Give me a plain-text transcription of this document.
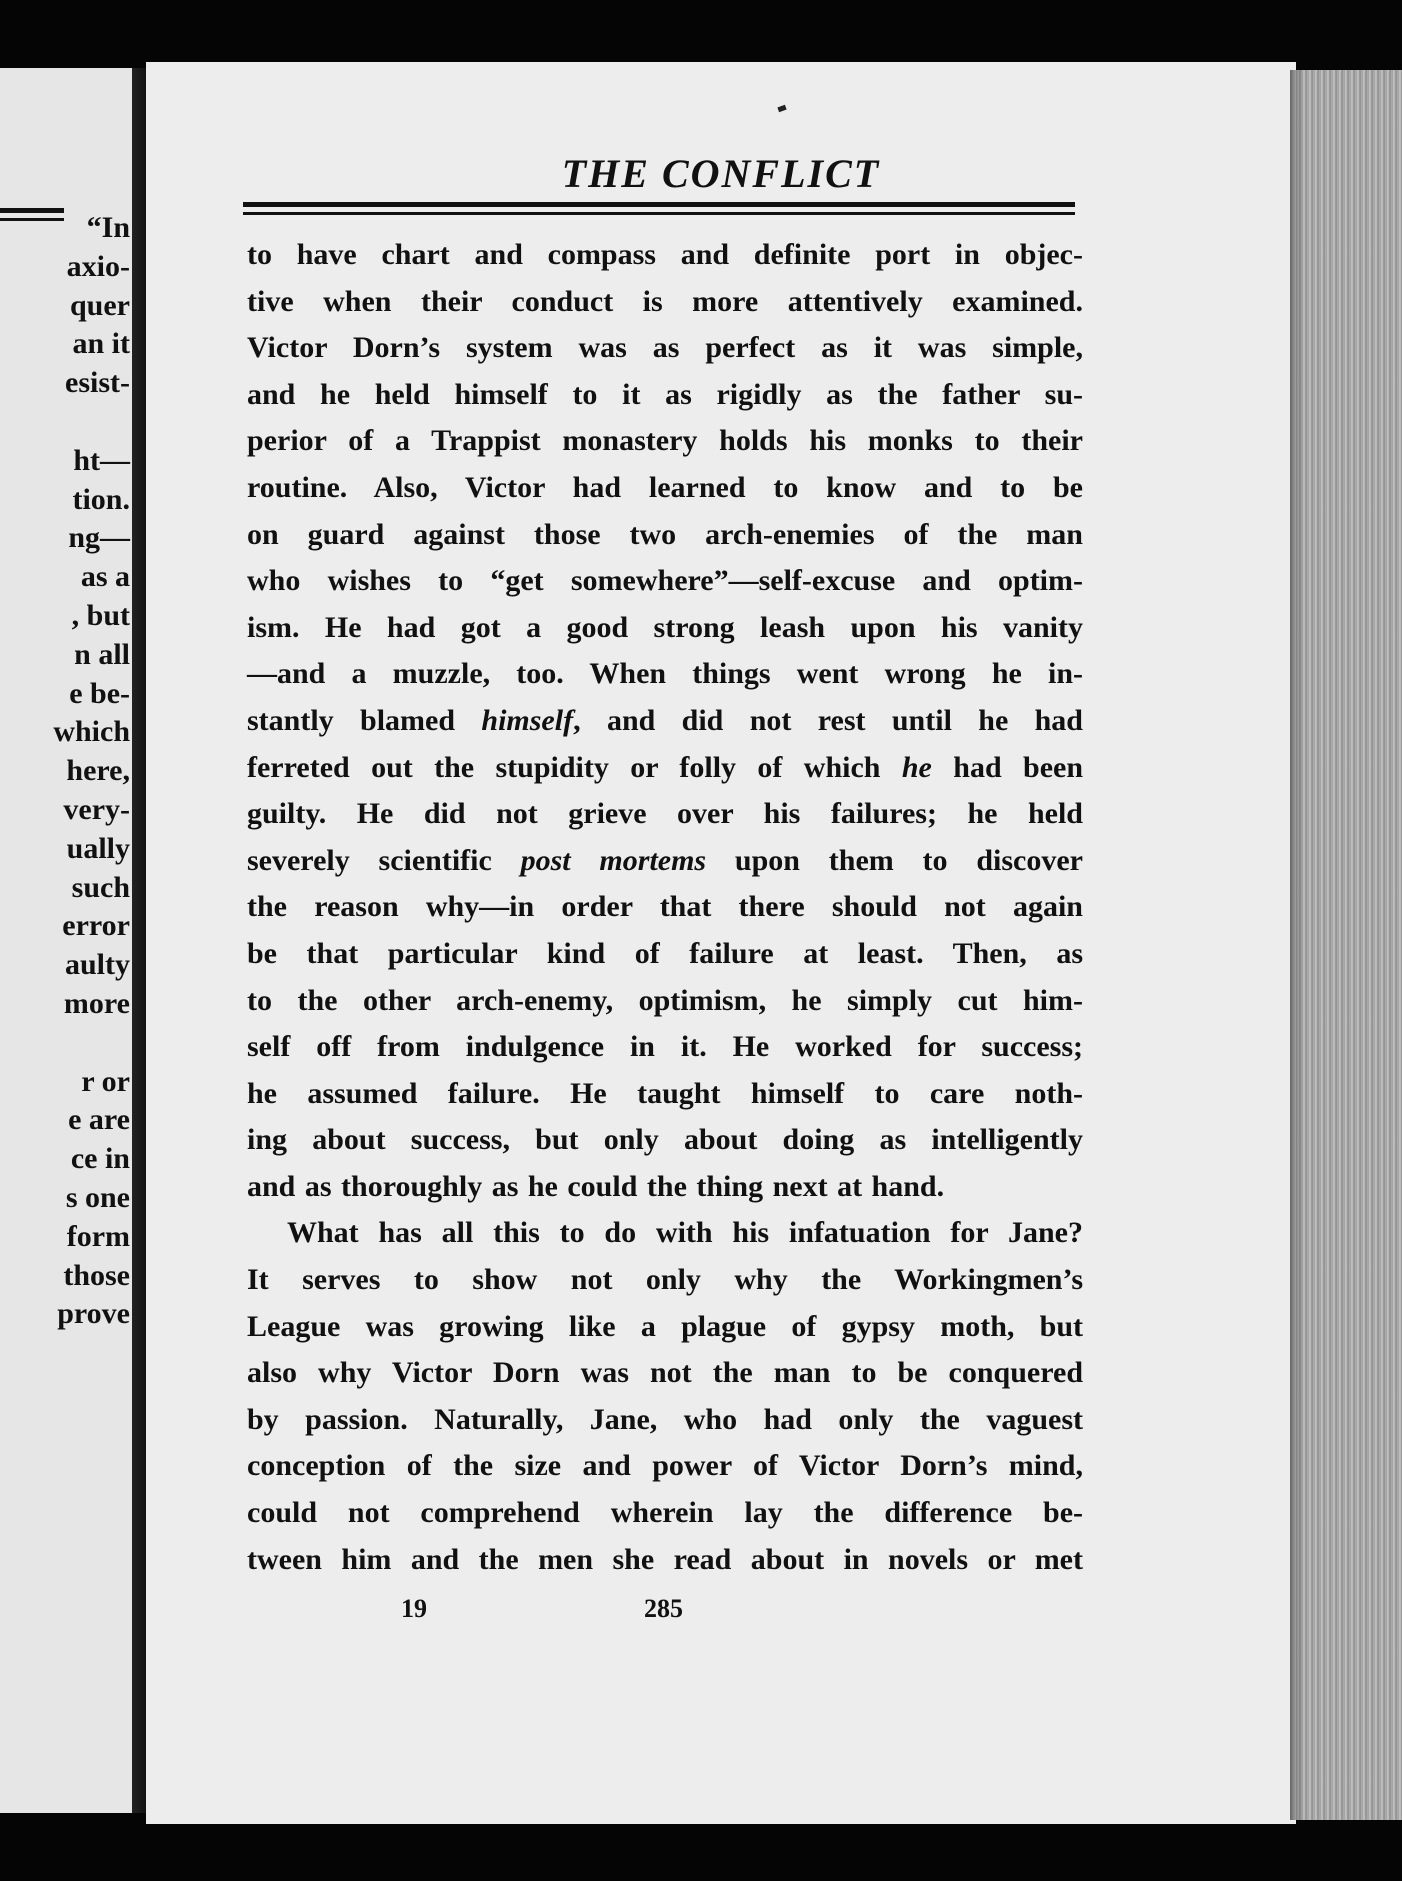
“In
axio-
quer
an it
esist-
ht—
tion.
ng—
as a
, but
n all
e be-
which
here,
very-
ually
such
error
aulty
more
r or
e are
ce in
s one
form
those
prove
THE CONFLICT
to have chart and compass and definite port in objec-
tive when their conduct is more attentively examined.
Victor Dorn’s system was as perfect as it was simple,
and he held himself to it as rigidly as the father su-
perior of a Trappist monastery holds his monks to their
routine. Also, Victor had learned to know and to be
on guard against those two arch-enemies of the man
who wishes to “get somewhere”—self-excuse and optim-
ism. He had got a good strong leash upon his vanity
—and a muzzle, too. When things went wrong he in-
stantly blamed himself, and did not rest until he had
ferreted out the stupidity or folly of which he had been
guilty. He did not grieve over his failures; he held
severely scientific post mortems upon them to discover
the reason why—in order that there should not again
be that particular kind of failure at least. Then, as
to the other arch-enemy, optimism, he simply cut him-
self off from indulgence in it. He worked for success;
he assumed failure. He taught himself to care noth-
ing about success, but only about doing as intelligently
and as thoroughly as he could the thing next at hand.
What has all this to do with his infatuation for Jane?
It serves to show not only why the Workingmen’s
League was growing like a plague of gypsy moth, but
also why Victor Dorn was not the man to be conquered
by passion. Naturally, Jane, who had only the vaguest
conception of the size and power of Victor Dorn’s mind,
could not comprehend wherein lay the difference be-
tween him and the men she read about in novels or met
19	285
